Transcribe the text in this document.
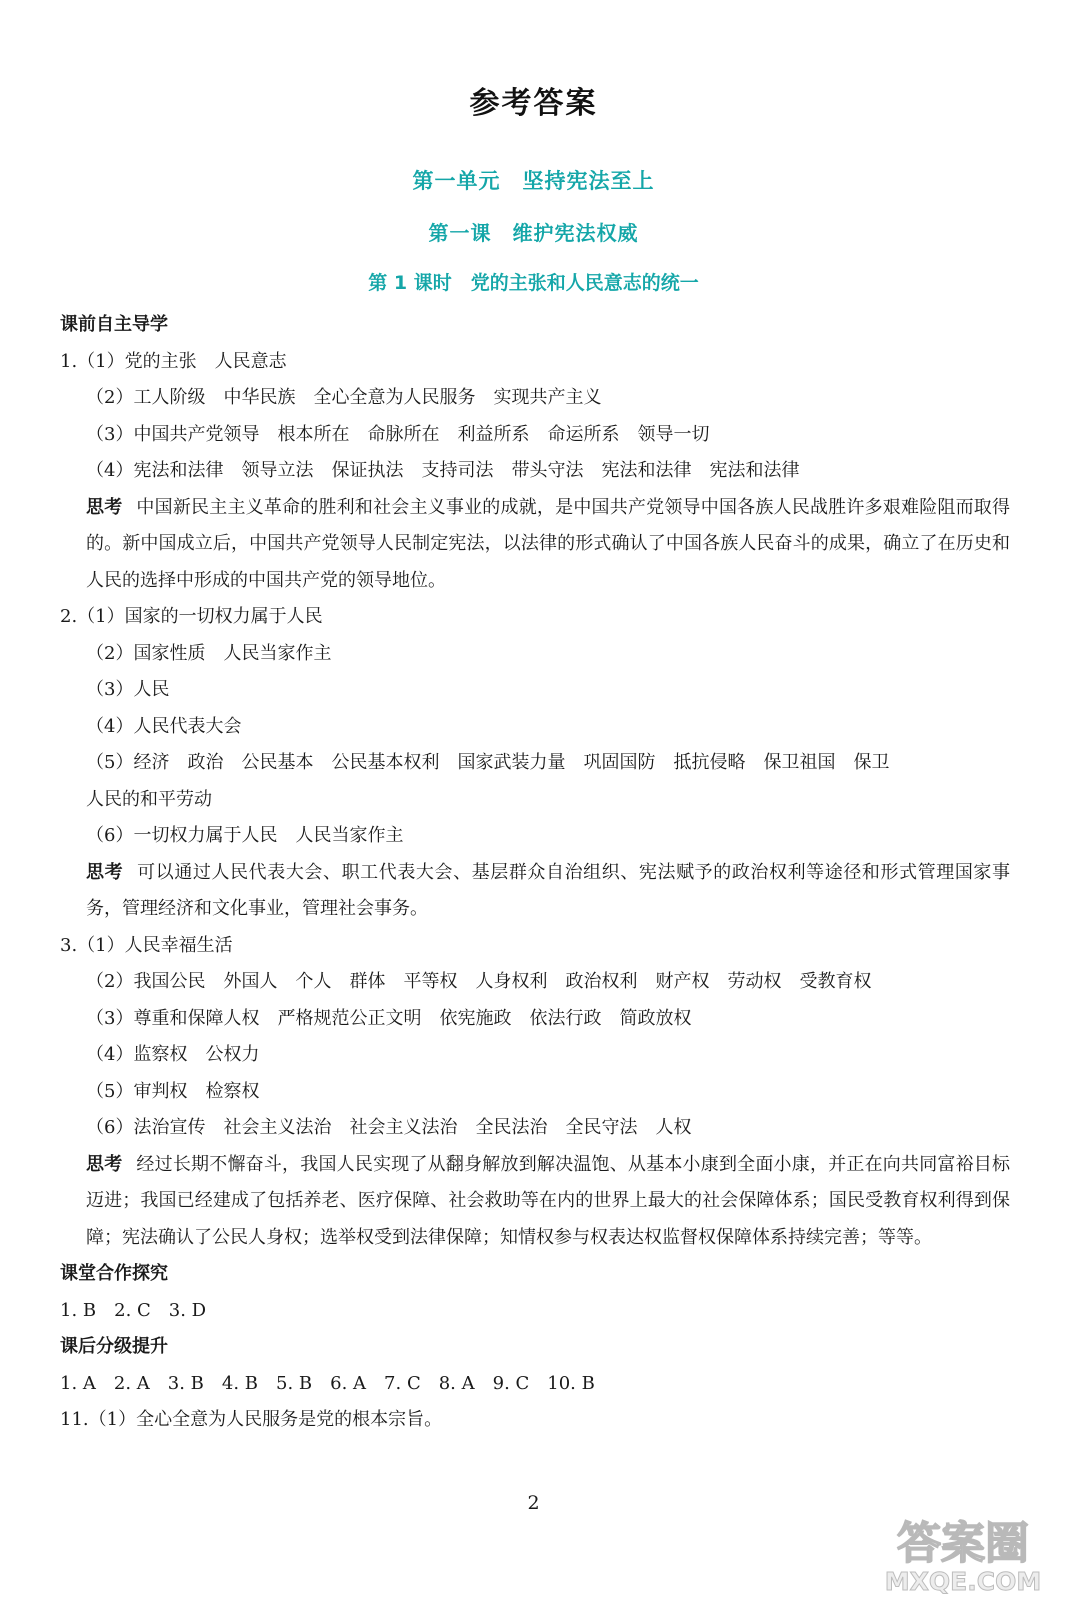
参考答案
第一单元　坚持宪法至上
第一课　维护宪法权威
第 1 课时　党的主张和人民意志的统一
课前自主导学
1.（1）党的主张　人民意志
（2）工人阶级　中华民族　全心全意为人民服务　实现共产主义
（3）中国共产党领导　根本所在　命脉所在　利益所系　命运所系　领导一切
（4）宪法和法律　领导立法　保证执法　支持司法　带头守法　宪法和法律　宪法和法律
思考 中国新民主主义革命的胜利和社会主义事业的成就，是中国共产党领导中国各族人民战胜许多艰难险阻而取得的。新中国成立后，中国共产党领导人民制定宪法，以法律的形式确认了中国各族人民奋斗的成果，确立了在历史和人民的选择中形成的中国共产党的领导地位。
2.（1）国家的一切权力属于人民
（2）国家性质　人民当家作主
（3）人民
（4）人民代表大会
（5）经济　政治　公民基本　公民基本权利　国家武装力量　巩固国防　抵抗侵略　保卫祖国　保卫
人民的和平劳动
（6）一切权力属于人民　人民当家作主
思考 可以通过人民代表大会、职工代表大会、基层群众自治组织、宪法赋予的政治权利等途径和形式管理国家事务，管理经济和文化事业，管理社会事务。
3.（1）人民幸福生活
（2）我国公民　外国人　个人　群体　平等权　人身权利　政治权利　财产权　劳动权　受教育权
（3）尊重和保障人权　严格规范公正文明　依宪施政　依法行政　简政放权
（4）监察权　公权力
（5）审判权　检察权
（6）法治宣传　社会主义法治　社会主义法治　全民法治　全民守法　人权
思考 经过长期不懈奋斗，我国人民实现了从翻身解放到解决温饱、从基本小康到全面小康，并正在向共同富裕目标迈进；我国已经建成了包括养老、医疗保障、社会救助等在内的世界上最大的社会保障体系；国民受教育权利得到保障；宪法确认了公民人身权；选举权受到法律保障；知情权参与权表达权监督权保障体系持续完善；等等。
课堂合作探究
1. B　2. C　3. D
课后分级提升
1. A　2. A　3. B　4. B　5. B　6. A　7. C　8. A　9. C　10. B
11.（1）全心全意为人民服务是党的根本宗旨。
2
答案圈
MXQE.COM
